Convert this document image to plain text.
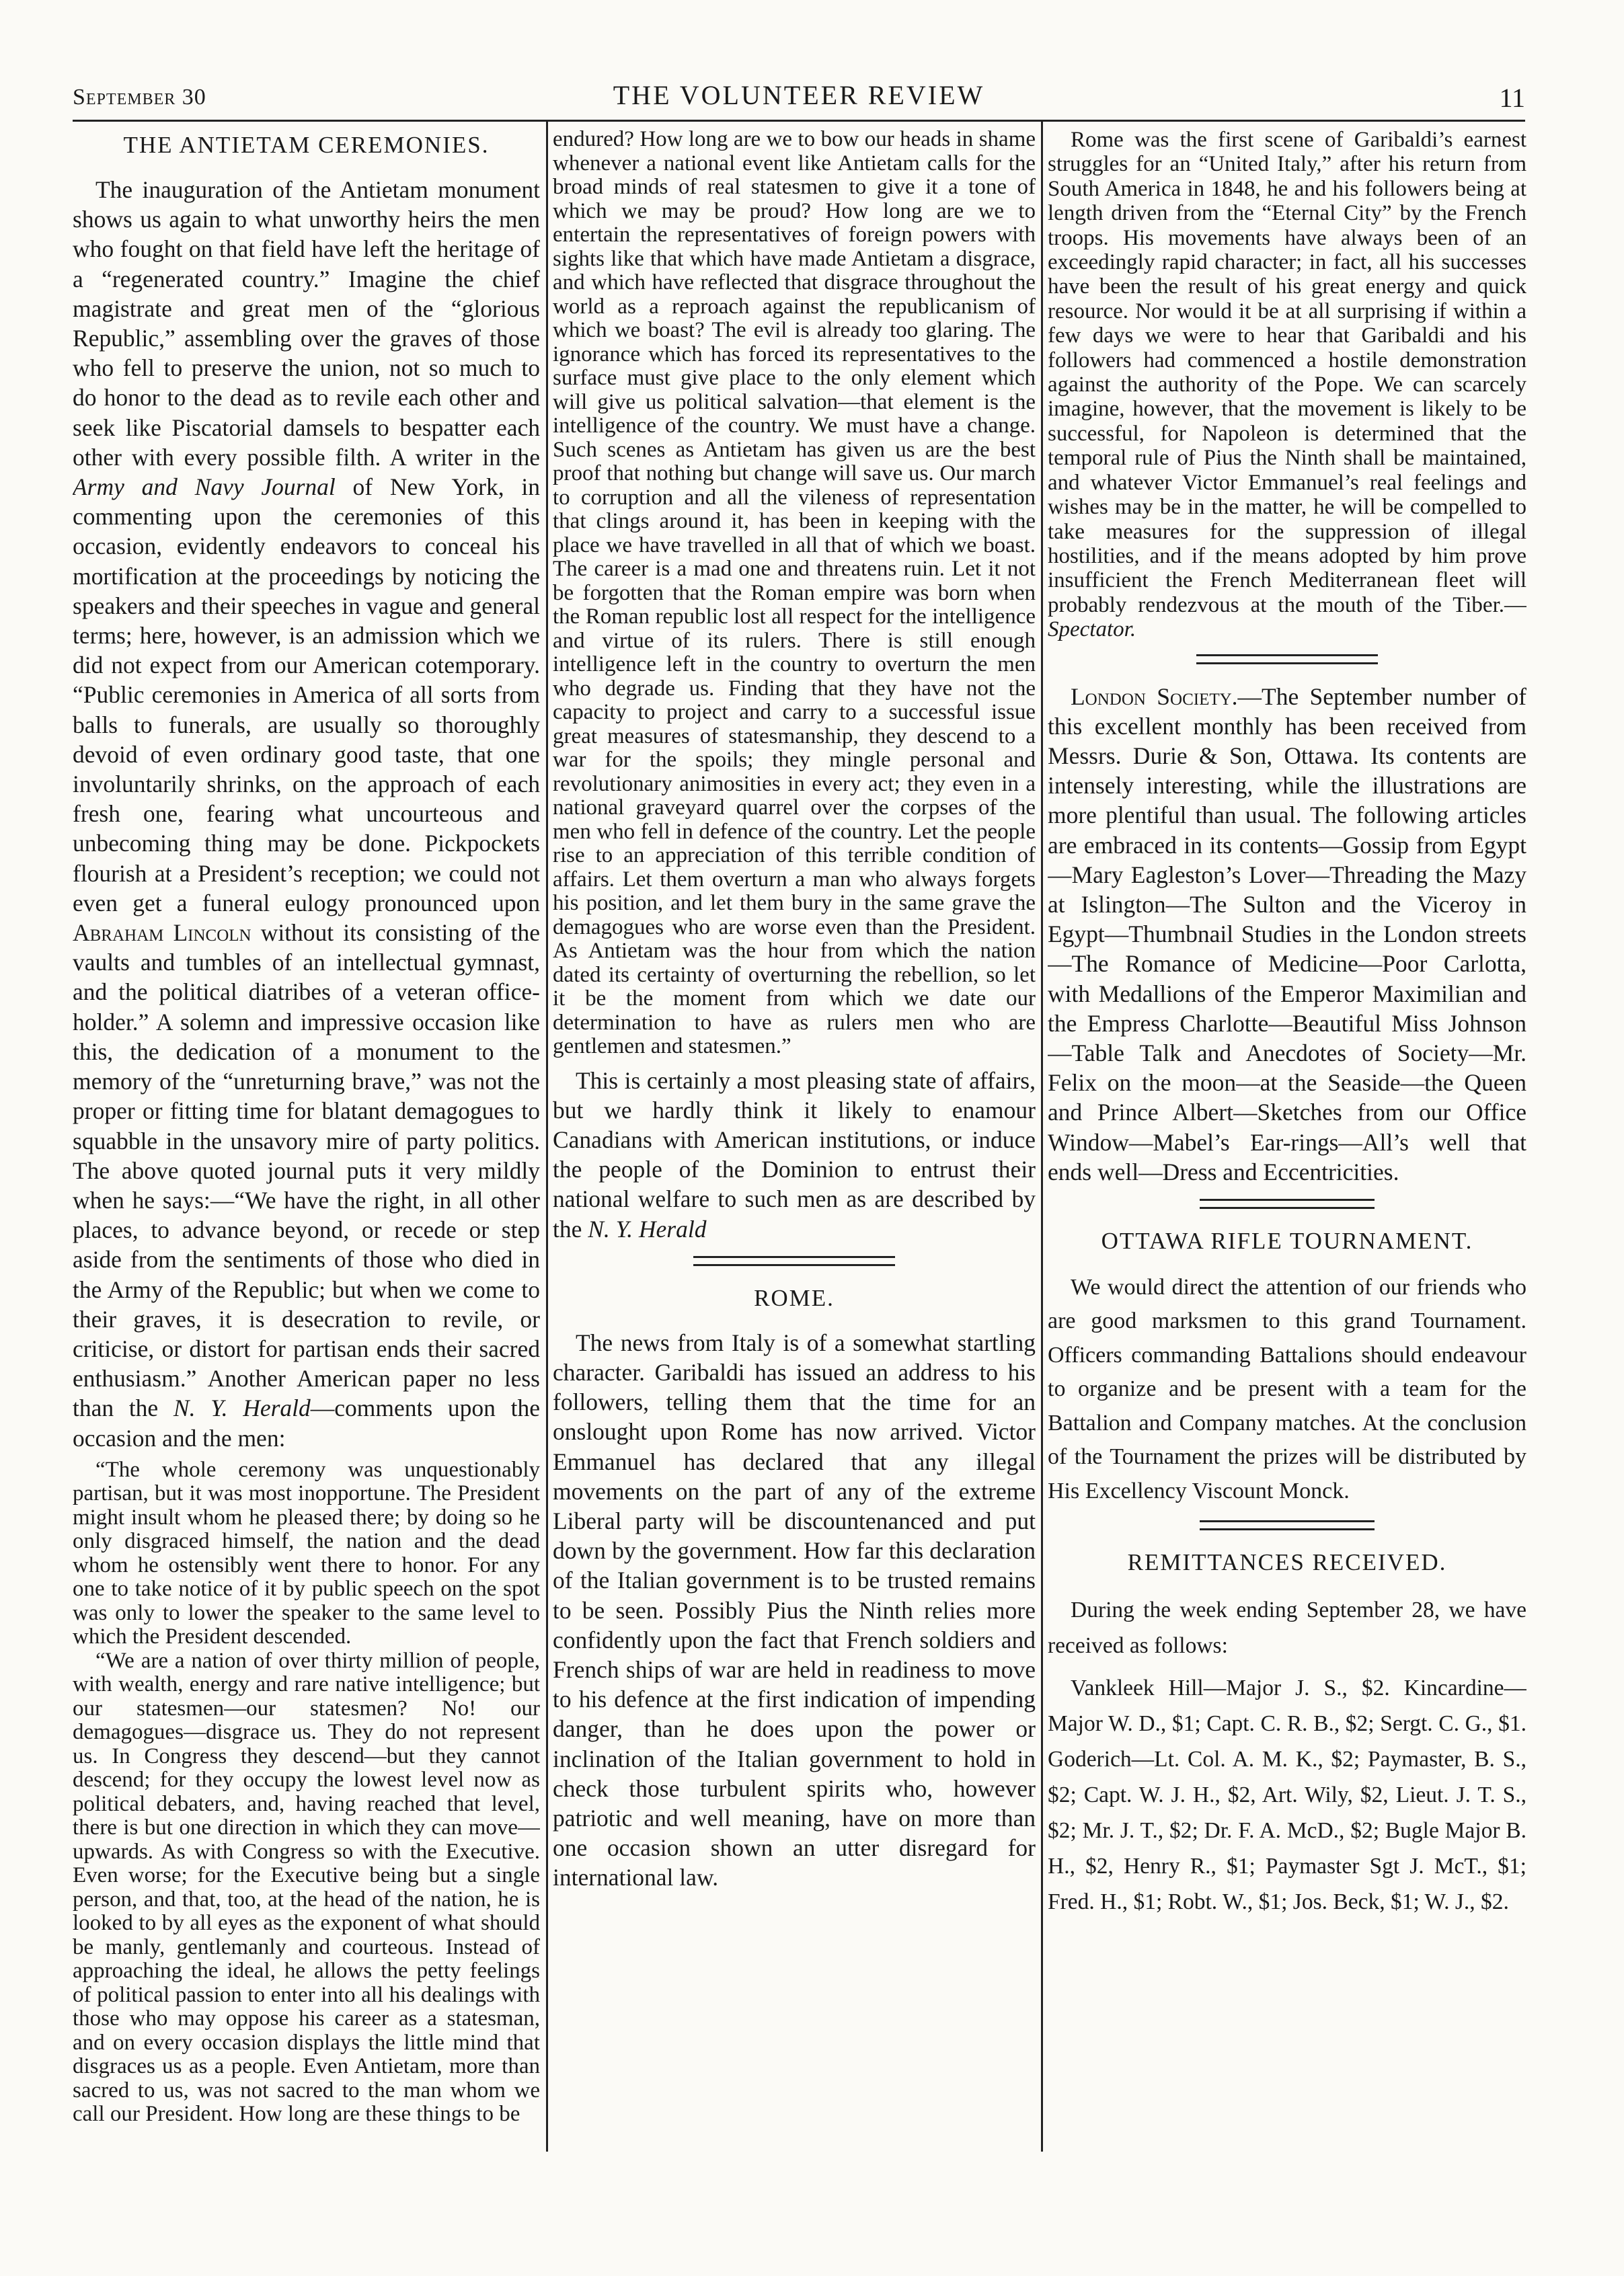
September 30	THE VOLUNTEER REVIEW	11
THE ANTIETAM CEREMONIES.

The inauguration of the Antietam monument shows us again to what unworthy heirs the men who fought on that field have left the heritage of a “regenerated country.” Imagine the chief magistrate and great men of the “glorious Republic,” assembling over the graves of those who fell to preserve the union, not so much to do honor to the dead as to revile each other and seek like Piscatorial damsels to bespatter each other with every possible filth. A writer in the Army and Navy Journal of New York, in commenting upon the ceremonies of this occasion, evidently endeavors to conceal his mortification at the proceedings by noticing the speakers and their speeches in vague and general terms; here, however, is an admission which we did not expect from our American cotemporary. “Public ceremonies in America of all sorts from balls to funerals, are usually so thoroughly devoid of even ordinary good taste, that one involuntarily shrinks, on the approach of each fresh one, fearing what uncourteous and unbecoming thing may be done. Pickpockets flourish at a President’s reception; we could not even get a funeral eulogy pronounced upon Abraham Lincoln without its consisting of the vaults and tumbles of an intellectual gymnast, and the political diatribes of a veteran office-holder.” A solemn and impressive occasion like this, the dedication of a monument to the memory of the “unreturning brave,” was not the proper or fitting time for blatant demagogues to squabble in the unsavory mire of party politics. The above quoted journal puts it very mildly when he says:—“We have the right, in all other places, to advance beyond, or recede or step aside from the sentiments of those who died in the Army of the Republic; but when we come to their graves, it is desecration to revile, or criticise, or distort for partisan ends their sacred enthusiasm.” Another American paper no less than the N. Y. Herald—comments upon the occasion and the men:

“The whole ceremony was unquestionably partisan, but it was most inopportune. The President might insult whom he pleased there; by doing so he only disgraced himself, the nation and the dead whom he ostensibly went there to honor. For any one to take notice of it by public speech on the spot was only to lower the speaker to the same level to which the President descended.

“We are a nation of over thirty million of people, with wealth, energy and rare native intelligence; but our statesmen—our statesmen? No! our demagogues—disgrace us. They do not represent us. In Congress they descend—but they cannot descend; for they occupy the lowest level now as political debaters, and, having reached that level, there is but one direction in which they can move—upwards. As with Congress so with the Executive. Even worse; for the Executive being but a single person, and that, too, at the head of the nation, he is looked to by all eyes as the exponent of what should be manly, gentlemanly and courteous. Instead of approaching the ideal, he allows the petty feelings of political passion to enter into all his dealings with those who may oppose his career as a statesman, and on every occasion displays the little mind that disgraces us as a people. Even Antietam, more than sacred to us, was not sacred to the man whom we call our President. How long are these things to be

endured? How long are we to bow our heads in shame whenever a national event like Antietam calls for the broad minds of real statesmen to give it a tone of which we may be proud? How long are we to entertain the representatives of foreign powers with sights like that which have made Antietam a disgrace, and which have reflected that disgrace throughout the world as a reproach against the republicanism of which we boast? The evil is already too glaring. The ignorance which has forced its representatives to the surface must give place to the only element which will give us political salvation—that element is the intelligence of the country. We must have a change. Such scenes as Antietam has given us are the best proof that nothing but change will save us. Our march to corruption and all the vileness of representation that clings around it, has been in keeping with the place we have travelled in all that of which we boast. The career is a mad one and threatens ruin. Let it not be forgotten that the Roman empire was born when the Roman republic lost all respect for the intelligence and virtue of its rulers. There is still enough intelligence left in the country to overturn the men who degrade us. Finding that they have not the capacity to project and carry to a successful issue great measures of statesmanship, they descend to a war for the spoils; they mingle personal and revolutionary animosities in every act; they even in a national graveyard quarrel over the corpses of the men who fell in defence of the country. Let the people rise to an appreciation of this terrible condition of affairs. Let them overturn a man who always forgets his position, and let them bury in the same grave the demagogues who are worse even than the President. As Antietam was the hour from which the nation dated its certainty of overturning the rebellion, so let it be the moment from which we date our determination to have as rulers men who are gentlemen and statesmen.”

This is certainly a most pleasing state of affairs, but we hardly think it likely to enamour Canadians with American institutions, or induce the people of the Dominion to entrust their national welfare to such men as are described by the N. Y. Herald

ROME.

The news from Italy is of a somewhat startling character. Garibaldi has issued an address to his followers, telling them that the time for an onslought upon Rome has now arrived. Victor Emmanuel has declared that any illegal movements on the part of any of the extreme Liberal party will be discountenanced and put down by the government. How far this declaration of the Italian government is to be trusted remains to be seen. Possibly Pius the Ninth relies more confidently upon the fact that French soldiers and French ships of war are held in readiness to move to his defence at the first indication of impending danger, than he does upon the power or inclination of the Italian government to hold in check those turbulent spirits who, however patriotic and well meaning, have on more than one occasion shown an utter disregard for international law.

Rome was the first scene of Garibaldi’s earnest struggles for an “United Italy,” after his return from South America in 1848, he and his followers being at length driven from the “Eternal City” by the French troops. His movements have always been of an exceedingly rapid character; in fact, all his successes have been the result of his great energy and quick resource. Nor would it be at all surprising if within a few days we were to hear that Garibaldi and his followers had commenced a hostile demonstration against the authority of the Pope. We can scarcely imagine, however, that the movement is likely to be successful, for Napoleon is determined that the temporal rule of Pius the Ninth shall be maintained, and whatever Victor Emmanuel’s real feelings and wishes may be in the matter, he will be compelled to take measures for the suppression of illegal hostilities, and if the means adopted by him prove insufficient the French Mediterranean fleet will probably rendezvous at the mouth of the Tiber.—Spectator.

London Society.—The September number of this excellent monthly has been received from Messrs. Durie & Son, Ottawa. Its contents are intensely interesting, while the illustrations are more plentiful than usual. The following articles are embraced in its contents—Gossip from Egypt—Mary Eagleston’s Lover—Threading the Mazy at Islington—The Sulton and the Viceroy in Egypt—Thumbnail Studies in the London streets—The Romance of Medicine—Poor Carlotta, with Medallions of the Emperor Maximilian and the Empress Charlotte—Beautiful Miss Johnson—Table Talk and Anecdotes of Society—Mr. Felix on the moon—at the Seaside—the Queen and Prince Albert—Sketches from our Office Window—Mabel’s Ear-rings—All’s well that ends well—Dress and Eccentricities.

OTTAWA RIFLE TOURNAMENT.

We would direct the attention of our friends who are good marksmen to this grand Tournament. Officers commanding Battalions should endeavour to organize and be present with a team for the Battalion and Company matches. At the conclusion of the Tournament the prizes will be distributed by His Excellency Viscount Monck.

REMITTANCES RECEIVED.

During the week ending September 28, we have received as follows:

Vankleek Hill—Major J. S., $2. Kincardine—Major W. D., $1; Capt. C. R. B., $2; Sergt. C. G., $1. Goderich—Lt. Col. A. M. K., $2; Paymaster, B. S., $2; Capt. W. J. H., $2, Art. Wily, $2, Lieut. J. T. S., $2; Mr. J. T., $2; Dr. F. A. McD., $2; Bugle Major B. H., $2, Henry R., $1; Paymaster Sgt J. McT., $1; Fred. H., $1; Robt. W., $1; Jos. Beck, $1; W. J., $2.
